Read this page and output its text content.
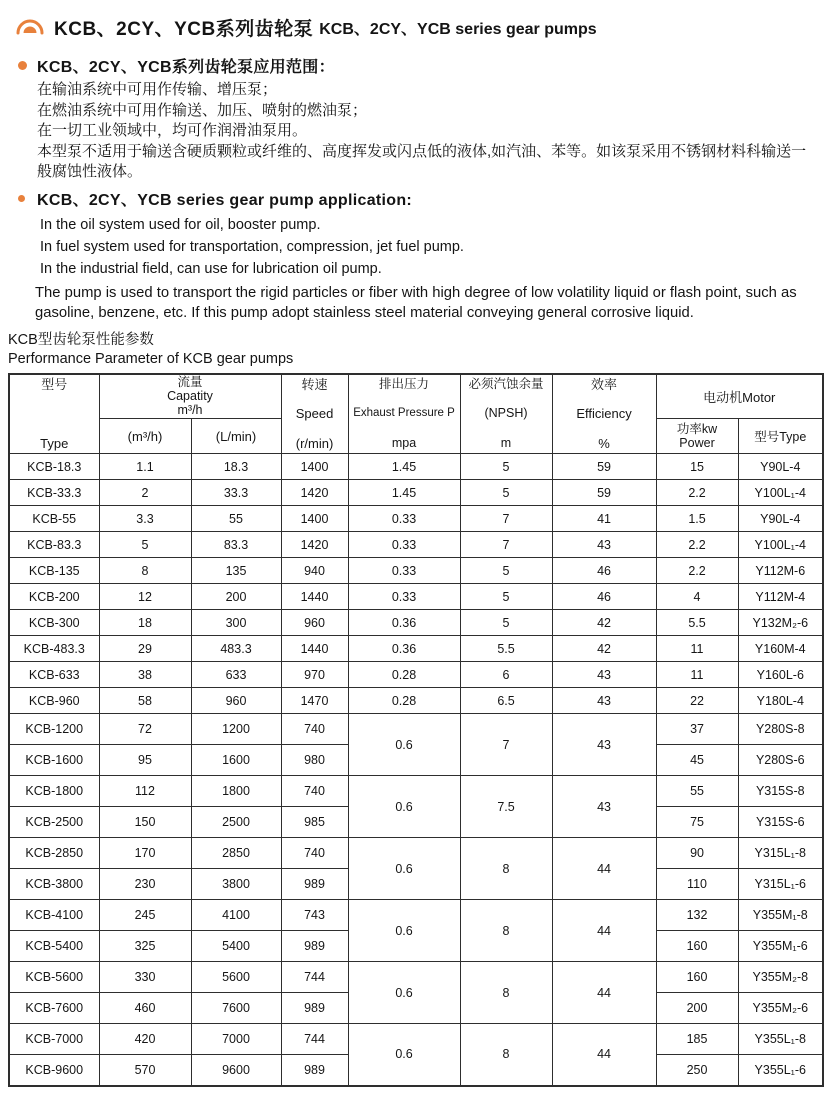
KCB、2CY、YCB系列齿轮泵 KCB、2CY、YCB series gear pumps
KCB、2CY、YCB系列齿轮泵应用范围：

在输油系统中可用作传输、增压泵；

在燃油系统中可用作输送、加压、喷射的燃油泵；

在一切工业领域中，均可作润滑油泵用。

本型泵不适用于输送含硬质颗粒或纤维的、高度挥发或闪点低的液体,如汽油、苯等。如该泵采用不锈钢材料科输送一般腐蚀性液体。

KCB、2CY、YCB series gear pump application:

In the oil system used for oil, booster pump.

In fuel system used for transportation, compression, jet fuel pump.

In the industrial field, can use for lubrication oil pump.

The pump is used to transport the rigid particles or fiber with high degree of low volatility liquid or flash point, such as gasoline, benzene, etc. If this pump adopt stainless steel material conveying general corrosive liquid.
KCB型齿轮泵性能参数
Performance Parameter of KCB gear pumps
型号
Type	流量
Capatity
m³/h		转速
Speed
(r/min)	排出压力
Exhaust Pressure P
mpa	必须汽蚀余量
(NPSH)
m	效率
Efficiency
%	电动机Motor	
	(m³/h)	(L/min)					功率kw
Power	型号Type
KCB-18.3	1.1	18.3	1400	1.45	5	59	15	Y90L-4
KCB-33.3	2	33.3	1420	1.45	5	59	2.2	Y100L₁-4
KCB-55	3.3	55	1400	0.33	7	41	1.5	Y90L-4
KCB-83.3	5	83.3	1420	0.33	7	43	2.2	Y100L₁-4
KCB-135	8	135	940	0.33	5	46	2.2	Y112M-6
KCB-200	12	200	1440	0.33	5	46	4	Y112M-4
KCB-300	18	300	960	0.36	5	42	5.5	Y132M₂-6
KCB-483.3	29	483.3	1440	0.36	5.5	42	11	Y160M-4
KCB-633	38	633	970	0.28	6	43	11	Y160L-6
KCB-960	58	960	1470	0.28	6.5	43	22	Y180L-4
KCB-1200	72	1200	740	0.6	7	43	37	Y280S-8
KCB-1600	95	1600	980				45	Y280S-6
KCB-1800	112	1800	740	0.6	7.5	43	55	Y315S-8
KCB-2500	150	2500	985				75	Y315S-6
KCB-2850	170	2850	740	0.6	8	44	90	Y315L₁-8
KCB-3800	230	3800	989				110	Y315L₁-6
KCB-4100	245	4100	743	0.6	8	44	132	Y355M₁-8
KCB-5400	325	5400	989				160	Y355M₁-6
KCB-5600	330	5600	744	0.6	8	44	160	Y355M₂-8
KCB-7600	460	7600	989				200	Y355M₂-6
KCB-7000	420	7000	744	0.6	8	44	185	Y355L₁-8
KCB-9600	570	9600	989				250	Y355L₁-6
